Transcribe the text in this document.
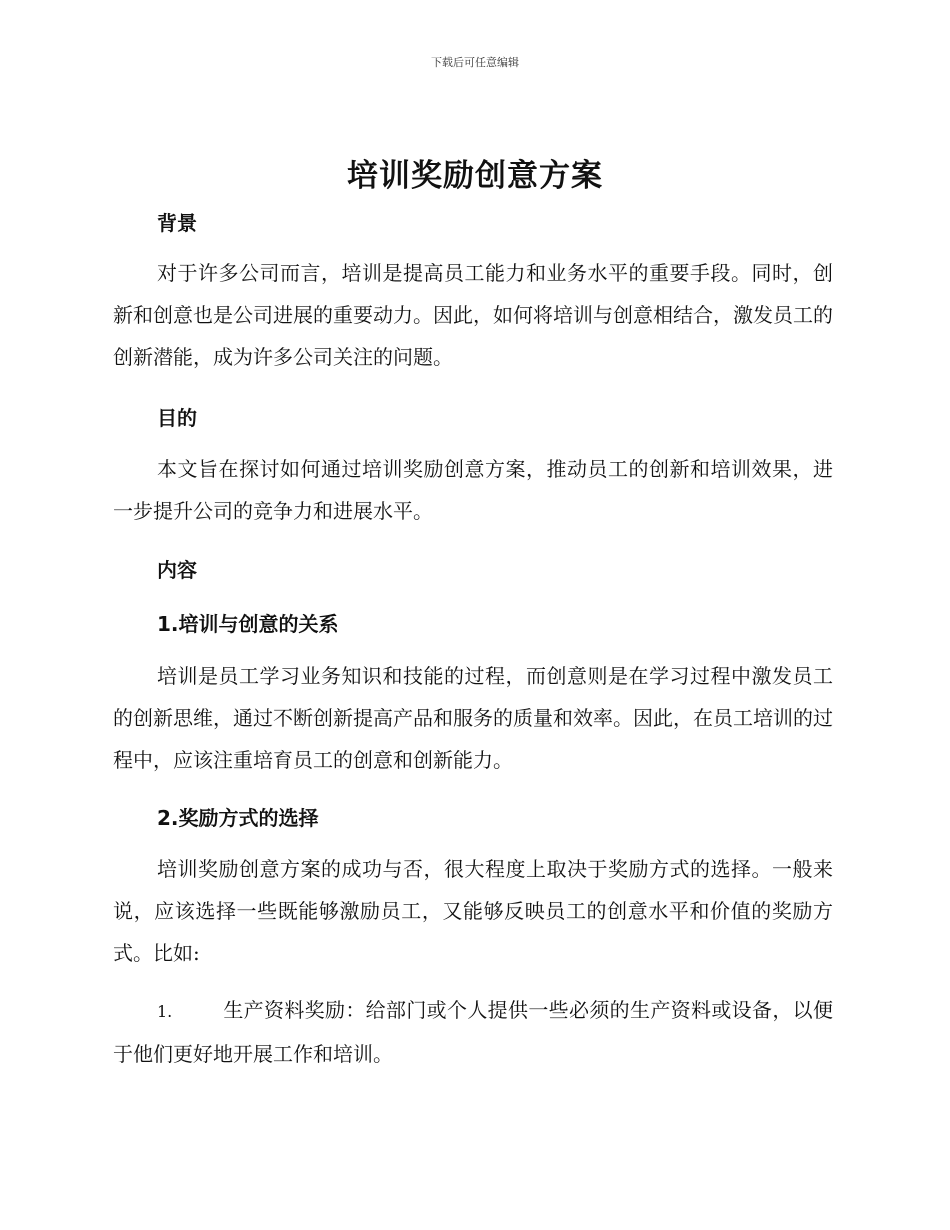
下载后可任意编辑
培训奖励创意方案
背景
对于许多公司而言，培训是提高员工能力和业务水平的重要手段。同时，创新和创意也是公司进展的重要动力。因此，如何将培训与创意相结合，激发员工的创新潜能，成为许多公司关注的问题。
目的
本文旨在探讨如何通过培训奖励创意方案，推动员工的创新和培训效果，进一步提升公司的竞争力和进展水平。
内容
1.培训与创意的关系
培训是员工学习业务知识和技能的过程，而创意则是在学习过程中激发员工的创新思维，通过不断创新提高产品和服务的质量和效率。因此，在员工培训的过程中，应该注重培育员工的创意和创新能力。
2.奖励方式的选择
培训奖励创意方案的成功与否，很大程度上取决于奖励方式的选择。一般来说，应该选择一些既能够激励员工，又能够反映员工的创意水平和价值的奖励方式。比如:
1.	生产资料奖励：给部门或个人提供一些必须的生产资料或设备，以便于他们更好地开展工作和培训。
